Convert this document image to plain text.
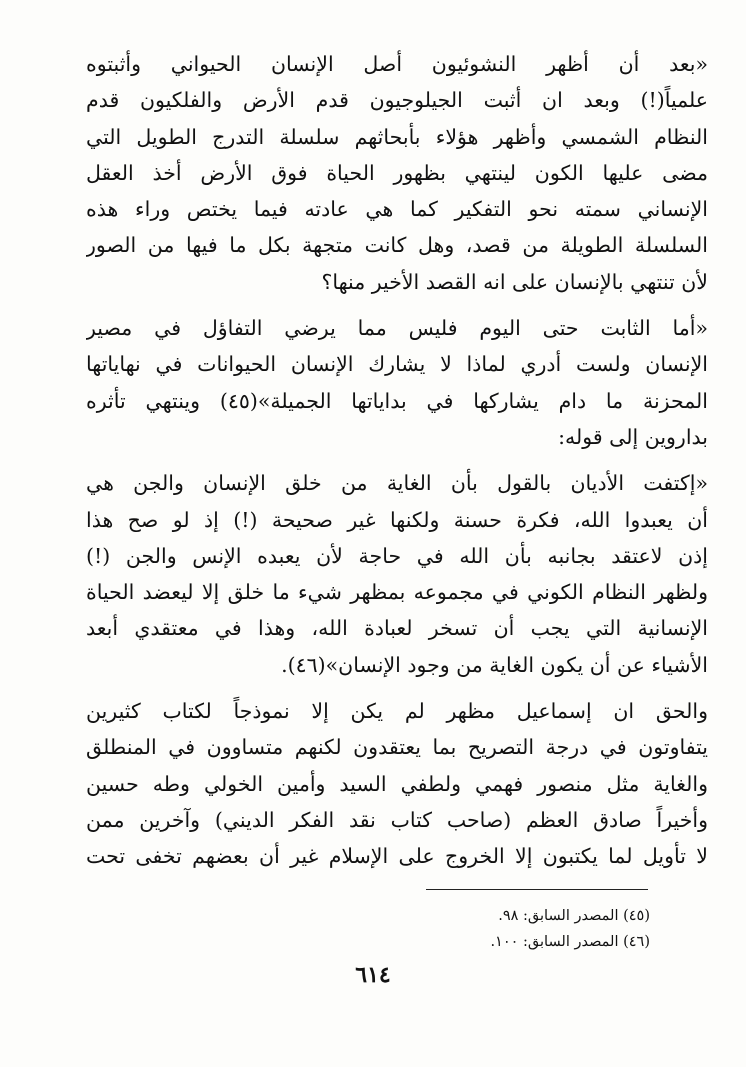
«بعد أن أظهر النشوئيون أصل الإنسان الحيواني وأثبتوه
علمياً(!) وبعد ان أثبت الجيلوجيون قدم الأرض والفلكيون قدم
النظام الشمسي وأظهر هؤلاء بأبحاثهم سلسلة التدرج الطويل التي
مضى عليها الكون لينتهي بظهور الحياة فوق الأرض أخذ العقل
الإنساني سمته نحو التفكير كما هي عادته فيما يختص وراء هذه
السلسلة الطويلة من قصد، وهل كانت متجهة بكل ما فيها من الصور
لأن تنتهي بالإنسان على انه القصد الأخير منها؟
«أما الثابت حتى اليوم فليس مما يرضي التفاؤل في مصير
الإنسان ولست أدري لماذا لا يشارك الإنسان الحيوانات في نهاياتها
المحزنة ما دام يشاركها في بداياتها الجميلة»(٤٥) وينتهي تأثره
بداروين إلى قوله:
«إكتفت الأديان بالقول بأن الغاية من خلق الإنسان والجن هي
أن يعبدوا الله، فكرة حسنة ولكنها غير صحيحة (!) إذ لو صح هذا
إذن لاعتقد بجانبه بأن الله في حاجة لأن يعبده الإنس والجن (!)
ولظهر النظام الكوني في مجموعه بمظهر شيء ما خلق إلا ليعضد الحياة
الإنسانية التي يجب أن تسخر لعبادة الله، وهذا في معتقدي أبعد
الأشياء عن أن يكون الغاية من وجود الإنسان»(٤٦).
والحق ان إسماعيل مظهر لم يكن إلا نموذجاً لكتاب كثيرين
يتفاوتون في درجة التصريح بما يعتقدون لكنهم متساوون في المنطلق
والغاية مثل منصور فهمي ولطفي السيد وأمين الخولي وطه حسين
وأخيراً صادق العظم (صاحب كتاب نقد الفكر الديني) وآخرين ممن
لا تأويل لما يكتبون إلا الخروج على الإسلام غير أن بعضهم تخفى تحت
(٤٥) المصدر السابق: ٩٨.
(٤٦) المصدر السابق: ١٠٠.
٦١٤
